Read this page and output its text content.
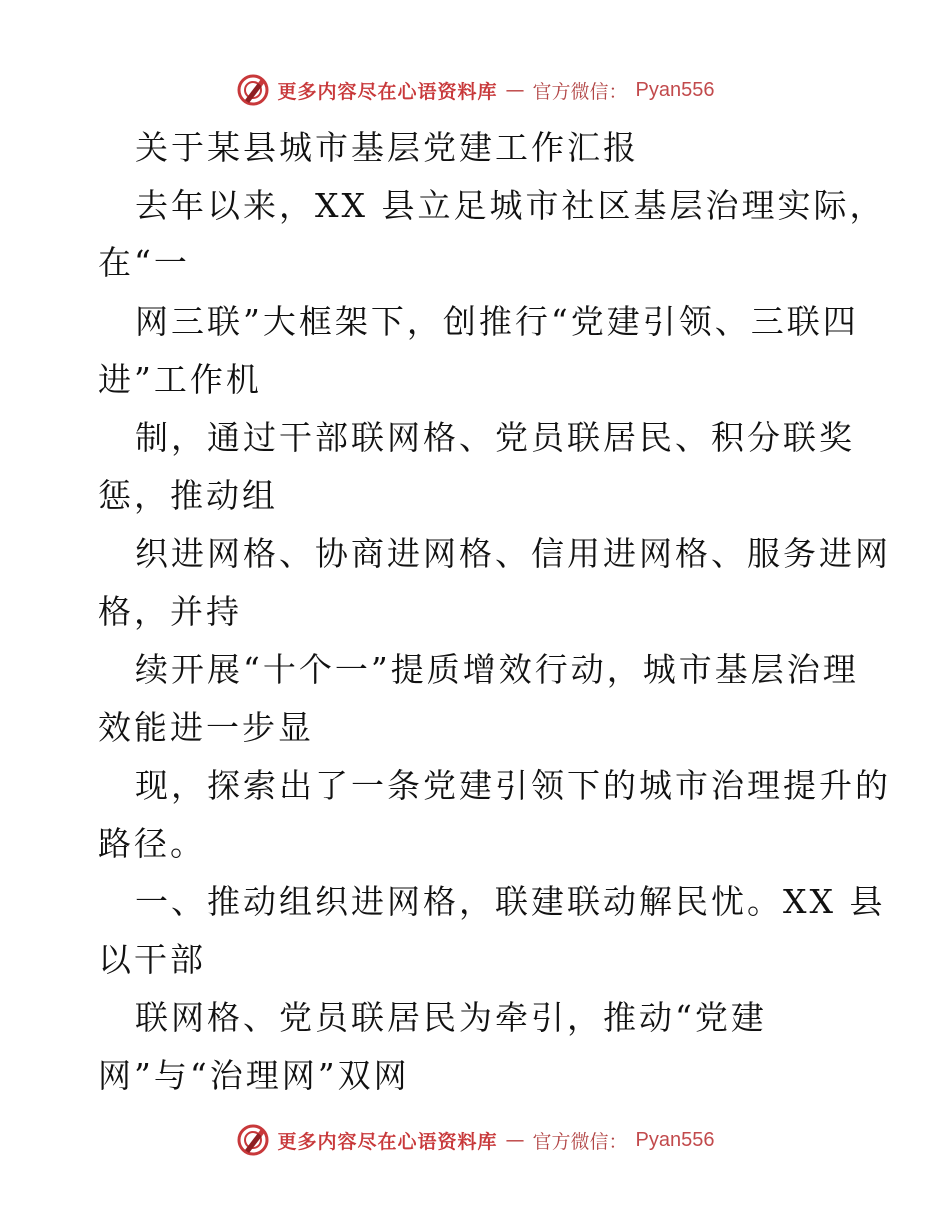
更多内容尽在心语资料库 — 官方微信： Pyan556
关于某县城市基层党建工作汇报
去年以来，XX 县立足城市社区基层治理实际，
在“一
网三联”大框架下，创推行“党建引领、三联四
进”工作机
制，通过干部联网格、党员联居民、积分联奖
惩，推动组
织进网格、协商进网格、信用进网格、服务进网
格，并持
续开展“十个一”提质增效行动，城市基层治理
效能进一步显
现，探索出了一条党建引领下的城市治理提升的
路径。
一、推动组织进网格，联建联动解民忧。XX 县
以干部
联网格、党员联居民为牵引，推动“党建
网”与“治理网”双网
更多内容尽在心语资料库 — 官方微信： Pyan556
